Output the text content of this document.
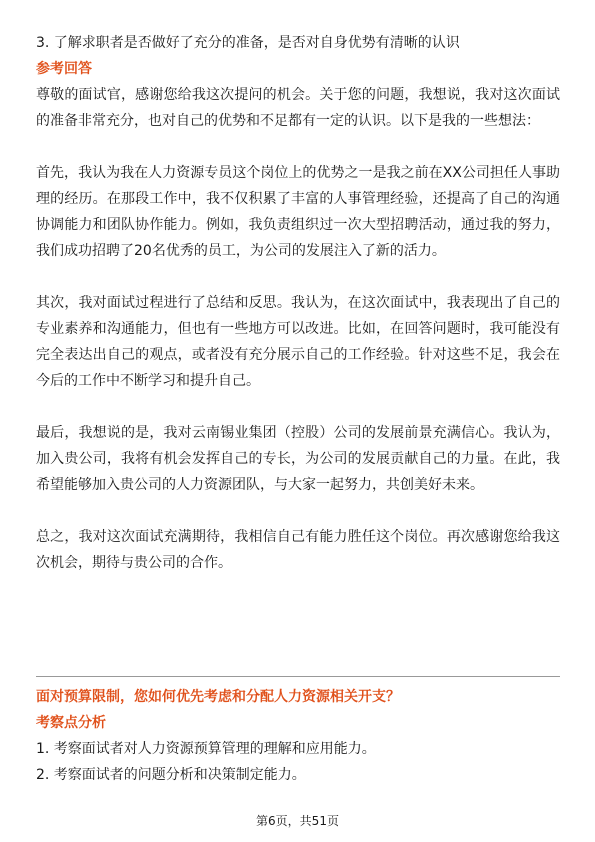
3. 了解求职者是否做好了充分的准备，是否对自身优势有清晰的认识

参考回答

尊敬的面试官，感谢您给我这次提问的机会。关于您的问题，我想说，我对这次面试的准备非常充分，也对自己的优势和不足都有一定的认识。以下是我的一些想法：

首先，我认为我在人力资源专员这个岗位上的优势之一是我之前在XX公司担任人事助理的经历。在那段工作中，我不仅积累了丰富的人事管理经验，还提高了自己的沟通协调能力和团队协作能力。例如，我负责组织过一次大型招聘活动，通过我的努力，我们成功招聘了20名优秀的员工，为公司的发展注入了新的活力。

其次，我对面试过程进行了总结和反思。我认为，在这次面试中，我表现出了自己的专业素养和沟通能力，但也有一些地方可以改进。比如，在回答问题时，我可能没有完全表达出自己的观点，或者没有充分展示自己的工作经验。针对这些不足，我会在今后的工作中不断学习和提升自己。

最后，我想说的是，我对云南锡业集团（控股）公司的发展前景充满信心。我认为，加入贵公司，我将有机会发挥自己的专长，为公司的发展贡献自己的力量。在此，我希望能够加入贵公司的人力资源团队，与大家一起努力，共创美好未来。

总之，我对这次面试充满期待，我相信自己有能力胜任这个岗位。再次感谢您给我这次机会，期待与贵公司的合作。

面对预算限制，您如何优先考虑和分配人力资源相关开支？

考察点分析

1. 考察面试者对人力资源预算管理的理解和应用能力。

2. 考察面试者的问题分析和决策制定能力。

第6页，共51页
